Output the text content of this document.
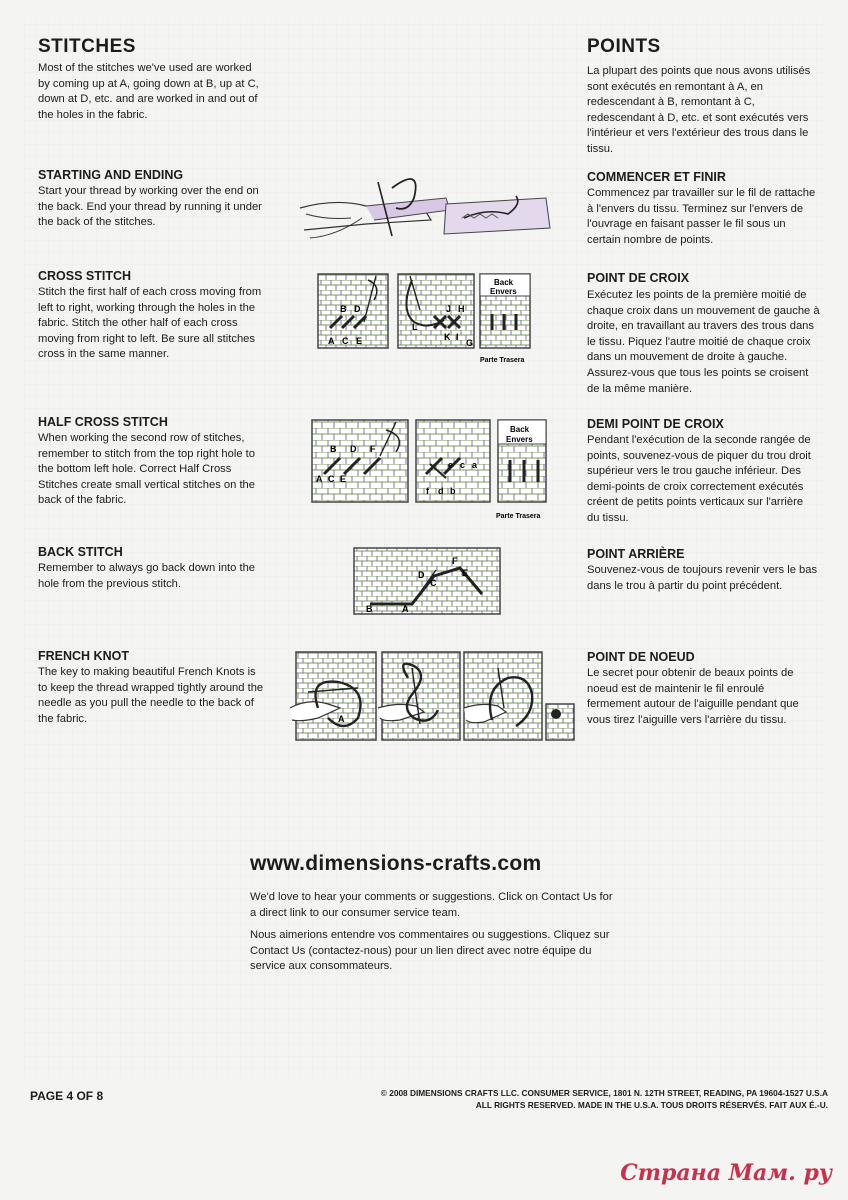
STITCHES
Most of the stitches we've used are worked by coming up at A, going down at B, up at C, down at D, etc. and are worked in and out of the holes in the fabric.
STARTING AND ENDING
Start your thread by working over the end on the back. End your thread by running it under the back of the stitches.
CROSS STITCH
Stitch the first half of each cross moving from left to right, working through the holes in the fabric. Stitch the other half of each cross moving from right to left. Be sure all stitches cross in the same manner.
HALF CROSS STITCH
When working the second row of stitches, remember to stitch from the top right hole to the bottom left hole. Correct Half Cross Stitches create small vertical stitches on the back of the fabric.
BACK STITCH
Remember to always go back down into the hole from the previous stitch.
FRENCH KNOT
The key to making beautiful French Knots is to keep the thread wrapped tightly around the needle as you pull the needle to the back of the fabric.
POINTS
La plupart des points que nous avons utilisés sont exécutés en remontant à A, en redescendant à B, remontant à C, redescendant à D, etc. et sont exécutés vers l'intérieur et vers l'extérieur des trous dans le tissu.
COMMENCER ET FINIR
Commencez par travailler sur le fil de rattache à l'envers du tissu. Terminez sur l'envers de l'ouvrage en faisant passer le fil sous un certain nombre de points.
POINT DE CROIX
Exécutez les points de la première moitié de chaque croix dans un mouvement de gauche à droite, en travaillant au travers des trous dans le tissu. Piquez l'autre moitié de chaque croix dans un mouvement de droite à gauche. Assurez-vous que tous les points se croisent de la même manière.
DEMI POINT DE CROIX
Pendant l'exécution de la seconde rangée de points, souvenez-vous de piquer du trou droit supérieur vers le trou gauche inférieur. Des demi-points de croix correctement exécutés créent de petits points verticaux sur l'arrière du tissu.
POINT ARRIÈRE
Souvenez-vous de toujours revenir vers le bas dans le trou à partir du point précédent.
POINT DE NOEUD
Le secret pour obtenir de beaux points de noeud est de maintenir le fil enroulé fermement autour de l'aiguille pendant que vous tirez l'aiguille vers l'arrière du tissu.
B D
A C E
L
J H
K I
G
Back
Envers
Parte Trasera
B D F
A C E
e c a
f d b
Back
Envers
Parte Trasera
B	A
D
C
F
E
A
www.dimensions-crafts.com
We'd love to hear your comments or suggestions. Click on Contact Us for a direct link to our consumer service team.
Nous aimerions entendre vos commentaires ou suggestions. Cliquez sur Contact Us (contactez-nous) pour un lien direct avec notre équipe du service aux consommateurs.
PAGE 4 OF 8	© 2008 DIMENSIONS CRAFTS LLC. CONSUMER SERVICE, 1801 N. 12TH STREET, READING, PA 19604-1527 U.S.A
ALL RIGHTS RESERVED. MADE IN THE U.S.A. TOUS DROITS RÉSERVÉS. FAIT AUX É.-U.
Страна Мам. ру
